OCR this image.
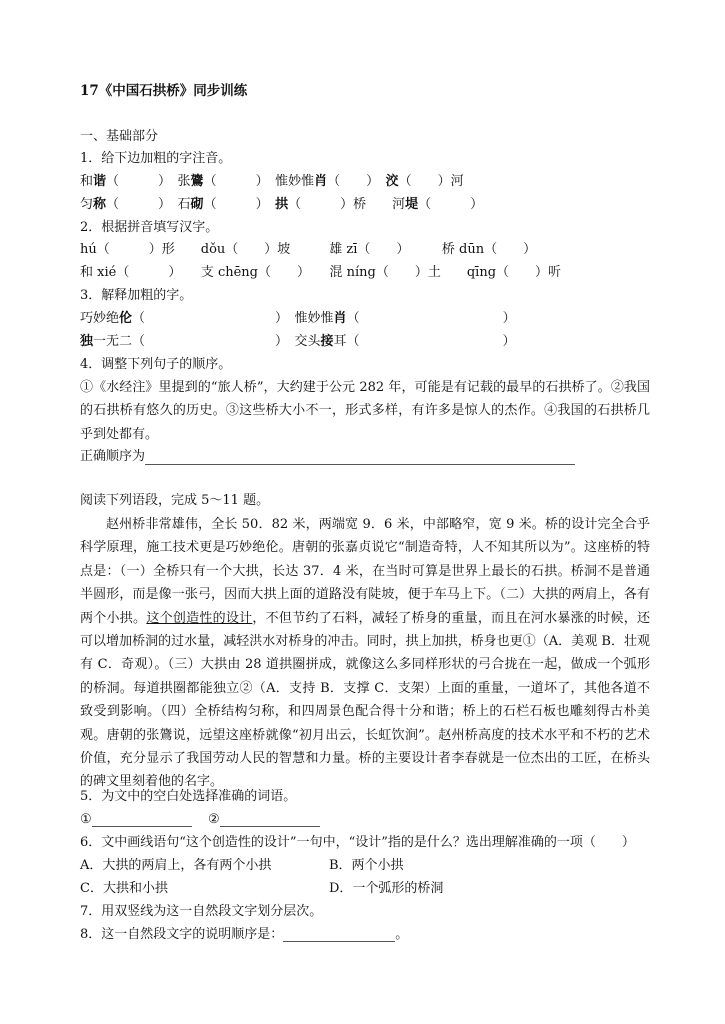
17《中国石拱桥》同步训练
一、基础部分
1．给下边加粗的字注音。
和谐（　　　）　张鷟（　　　）　惟妙惟肖（　　）　洨（　　）河
匀称（　　　）　石砌（　　　）　拱（　　　）桥　　河堤（　　　）
2．根据拼音填写汉字。
hú（　　　）形　　dǒu（　　）坡　　　雄 zī（　　）　　　桥 dūn（　　）
和 xié（　　　）　　支 chēng（　　）　　混 níng（　　）土　　qīng（　　）听
3．解释加粗的字。
巧妙绝伦（　　　　　　　　　　）　惟妙惟肖（　　　　　　　　　　　）
独一无二（　　　　　　　　　　）　交头接耳（　　　　　　　　　　　）
4．调整下列句子的顺序。
①《水经注》里提到的“旅人桥”，大约建于公元 282 年，可能是有记载的最早的石拱桥了。②我国的石拱桥有悠久的历史。③这些桥大小不一，形式多样，有许多是惊人的杰作。④我国的石拱桥几乎到处都有。
正确顺序为
阅读下列语段，完成 5～11 题。
赵州桥非常雄伟，全长 50．82 米，两端宽 9．6 米，中部略窄，宽 9 米。桥的设计完全合乎科学原理，施工技术更是巧妙绝伦。唐朝的张嘉贞说它“制造奇特，人不知其所以为”。这座桥的特点是：（一）全桥只有一个大拱，长达 37．4 米，在当时可算是世界上最长的石拱。桥洞不是普通半圆形，而是像一张弓，因而大拱上面的道路没有陡坡，便于车马上下。（二）大拱的两肩上，各有两个小拱。这个创造性的设计，不但节约了石料，减轻了桥身的重量，而且在河水暴涨的时候，还可以增加桥洞的过水量，减轻洪水对桥身的冲击。同时，拱上加拱，桥身也更①（A．美观 B．壮观有 C．奇观）。（三）大拱由 28 道拱圈拼成，就像这么多同样形状的弓合拢在一起，做成一个弧形的桥洞。每道拱圈都能独立②（A．支持 B．支撑 C．支架）上面的重量，一道坏了，其他各道不致受到影响。（四）全桥结构匀称，和四周景色配合得十分和谐；桥上的石栏石板也雕刻得古朴美观。唐朝的张鷟说，远望这座桥就像“初月出云，长虹饮涧”。赵州桥高度的技术水平和不朽的艺术价值，充分显示了我国劳动人民的智慧和力量。桥的主要设计者李春就是一位杰出的工匠，在桥头的碑文里刻着他的名字。
5．为文中的空白处选择准确的词语。
①	②
6．文中画线语句“这个创造性的设计”一句中，“设计”指的是什么？选出理解准确的一项（　　）
A．大拱的两肩上，各有两个小拱	B．两个小拱
C．大拱和小拱	D．一个弧形的桥洞
7．用双竖线为这一自然段文字划分层次。
8．这一自然段文字的说明顺序是：	。
